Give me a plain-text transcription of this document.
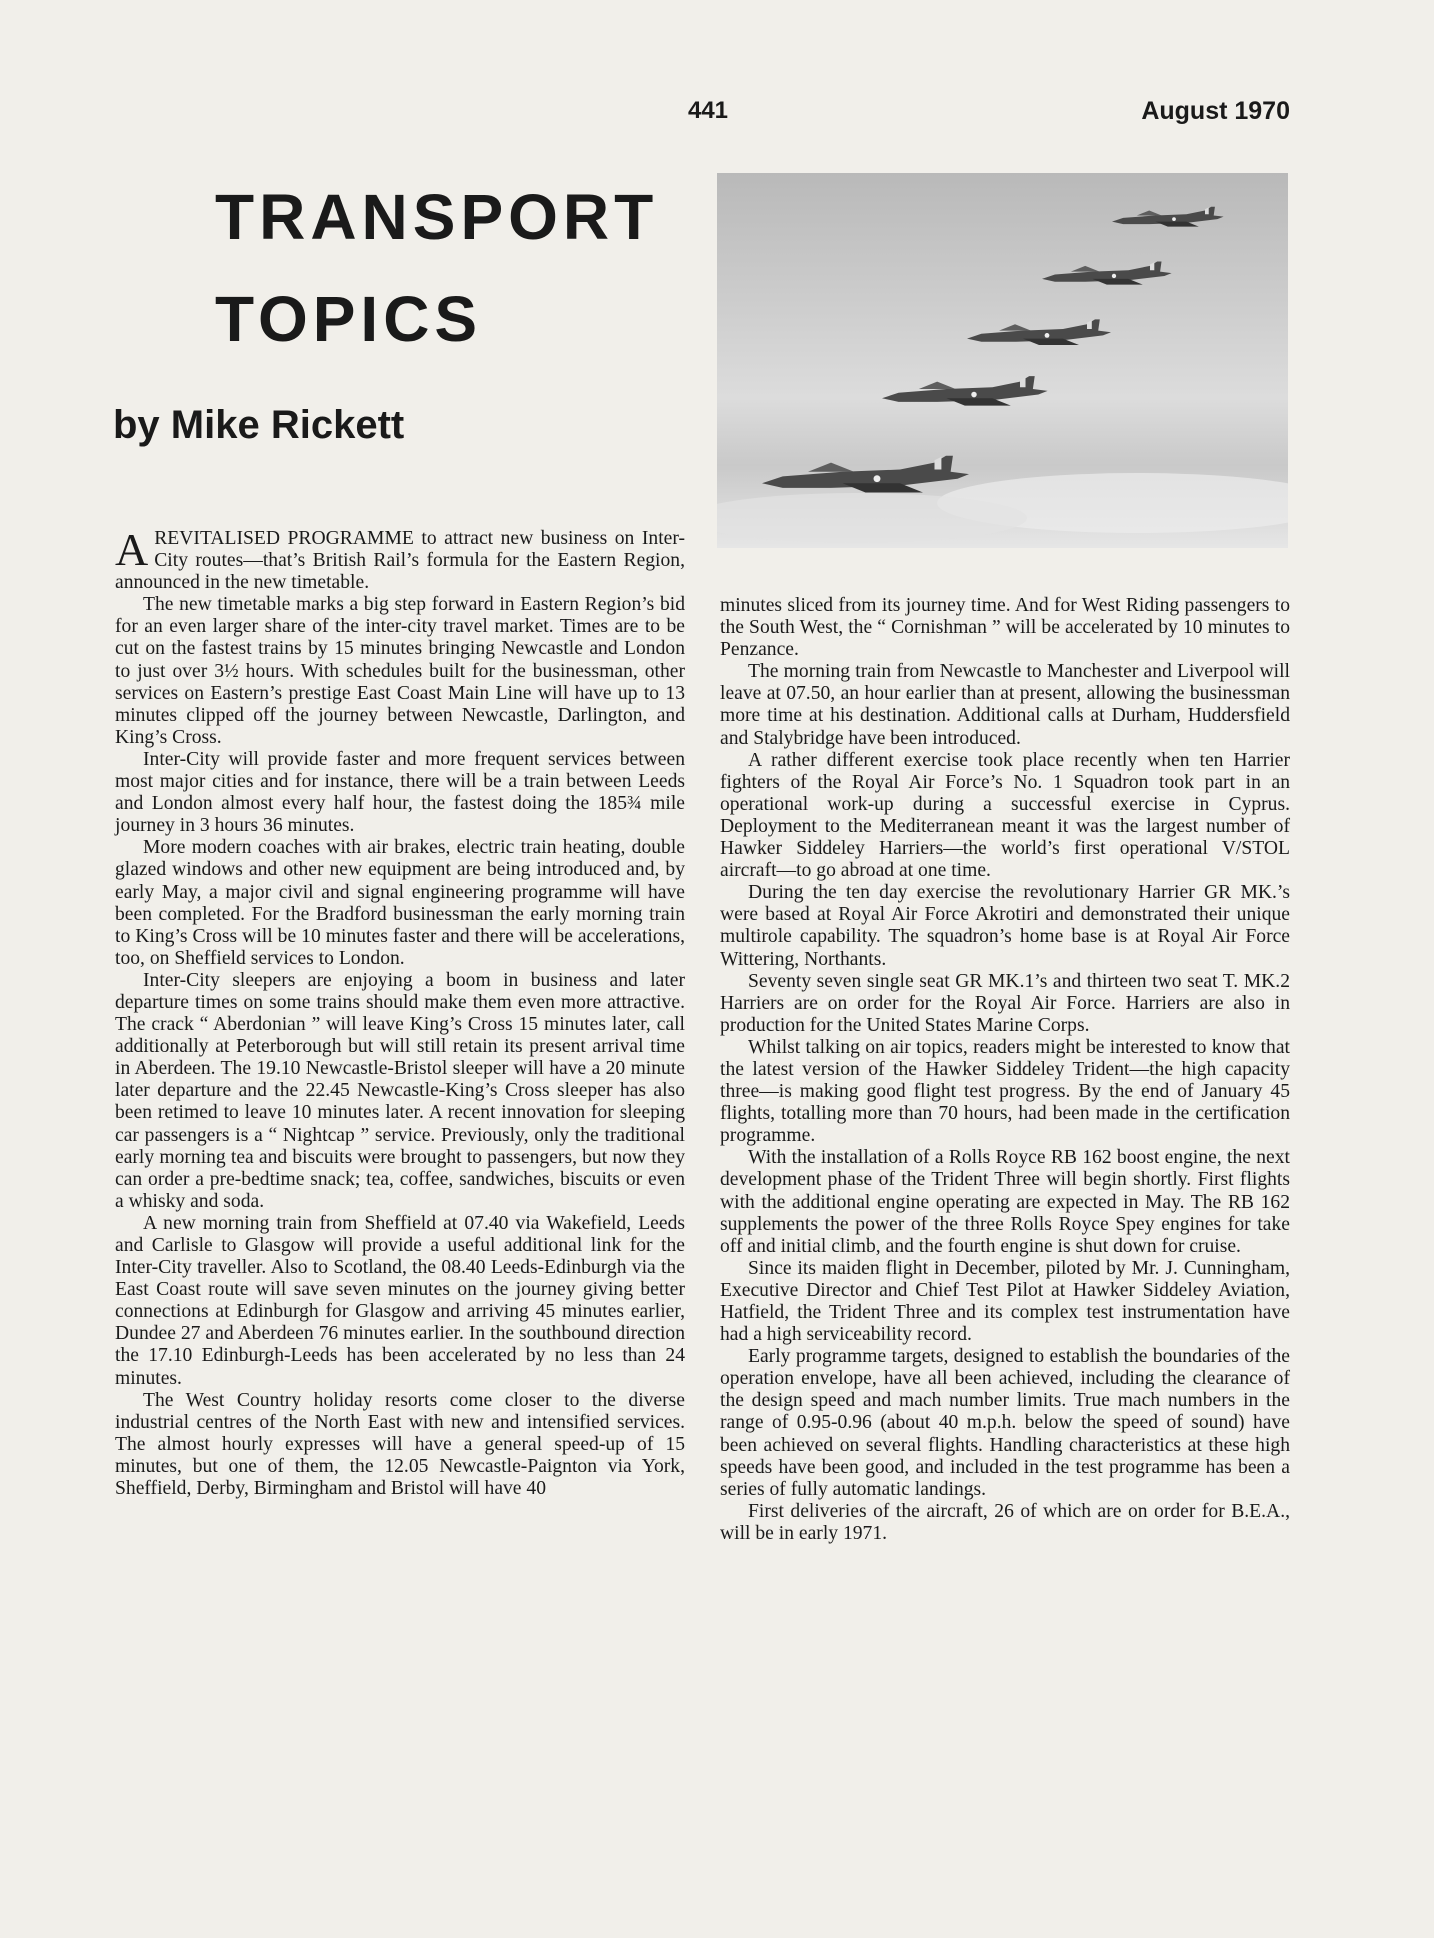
441	August 1970
TRANSPORT
TOPICS
by Mike Rickett

AREVITALISED PROGRAMME to attract new business on Inter-City routes—that’s British Rail’s formula for the Eastern Region, announced in the new timetable.

The new timetable marks a big step forward in Eastern Region’s bid for an even larger share of the inter-city travel market. Times are to be cut on the fastest trains by 15 minutes bringing Newcastle and London to just over 3½ hours. With schedules built for the businessman, other services on Eastern’s prestige East Coast Main Line will have up to 13 minutes clipped off the journey between Newcastle, Darlington, and King’s Cross.

Inter-City will provide faster and more frequent services between most major cities and for instance, there will be a train between Leeds and London almost every half hour, the fastest doing the 185¾ mile journey in 3 hours 36 minutes.

More modern coaches with air brakes, electric train heating, double glazed windows and other new equipment are being introduced and, by early May, a major civil and signal engineering programme will have been completed. For the Bradford businessman the early morning train to King’s Cross will be 10 minutes faster and there will be accelerations, too, on Sheffield services to London.

Inter-City sleepers are enjoying a boom in business and later departure times on some trains should make them even more attractive. The crack “ Aberdonian ” will leave King’s Cross 15 minutes later, call additionally at Peterborough but will still retain its present arrival time in Aberdeen. The 19.10 Newcastle-Bristol sleeper will have a 20 minute later departure and the 22.45 Newcastle-King’s Cross sleeper has also been retimed to leave 10 minutes later. A recent innovation for sleeping car passengers is a “ Nightcap ” service. Previously, only the traditional early morning tea and biscuits were brought to passengers, but now they can order a pre-bedtime snack; tea, coffee, sandwiches, biscuits or even a whisky and soda.

A new morning train from Sheffield at 07.40 via Wakefield, Leeds and Carlisle to Glasgow will provide a useful additional link for the Inter-City traveller. Also to Scotland, the 08.40 Leeds-Edinburgh via the East Coast route will save seven minutes on the journey giving better connections at Edinburgh for Glasgow and arriving 45 minutes earlier, Dundee 27 and Aberdeen 76 minutes earlier. In the southbound direction the 17.10 Edinburgh-Leeds has been accelerated by no less than 24 minutes.

The West Country holiday resorts come closer to the diverse industrial centres of the North East with new and intensified services. The almost hourly expresses will have a general speed-up of 15 minutes, but one of them, the 12.05 Newcastle-Paignton via York, Sheffield, Derby, Birmingham and Bristol will have 40

minutes sliced from its journey time. And for West Riding passengers to the South West, the “ Cornishman ” will be accelerated by 10 minutes to Penzance.

The morning train from Newcastle to Manchester and Liverpool will leave at 07.50, an hour earlier than at present, allowing the businessman more time at his destination. Additional calls at Durham, Huddersfield and Stalybridge have been introduced.

A rather different exercise took place recently when ten Harrier fighters of the Royal Air Force’s No. 1 Squadron took part in an operational work-up during a successful exercise in Cyprus. Deployment to the Mediterranean meant it was the largest number of Hawker Siddeley Harriers—the world’s first operational V/STOL aircraft—to go abroad at one time.

During the ten day exercise the revolutionary Harrier GR MK.’s were based at Royal Air Force Akrotiri and demonstrated their unique multirole capability. The squadron’s home base is at Royal Air Force Wittering, Northants.

Seventy seven single seat GR MK.1’s and thirteen two seat T. MK.2 Harriers are on order for the Royal Air Force. Harriers are also in production for the United States Marine Corps.

Whilst talking on air topics, readers might be interested to know that the latest version of the Hawker Siddeley Trident—the high capacity three—is making good flight test progress. By the end of January 45 flights, totalling more than 70 hours, had been made in the certification programme.

With the installation of a Rolls Royce RB 162 boost engine, the next development phase of the Trident Three will begin shortly. First flights with the additional engine operating are expected in May. The RB 162 supplements the power of the three Rolls Royce Spey engines for take off and initial climb, and the fourth engine is shut down for cruise.

Since its maiden flight in December, piloted by Mr. J. Cunningham, Executive Director and Chief Test Pilot at Hawker Siddeley Aviation, Hatfield, the Trident Three and its complex test instrumentation have had a high serviceability record.

Early programme targets, designed to establish the boundaries of the operation envelope, have all been achieved, including the clearance of the design speed and mach number limits. True mach numbers in the range of 0.95-0.96 (about 40 m.p.h. below the speed of sound) have been achieved on several flights. Handling characteristics at these high speeds have been good, and included in the test programme has been a series of fully automatic landings.

First deliveries of the aircraft, 26 of which are on order for B.E.A., will be in early 1971.
